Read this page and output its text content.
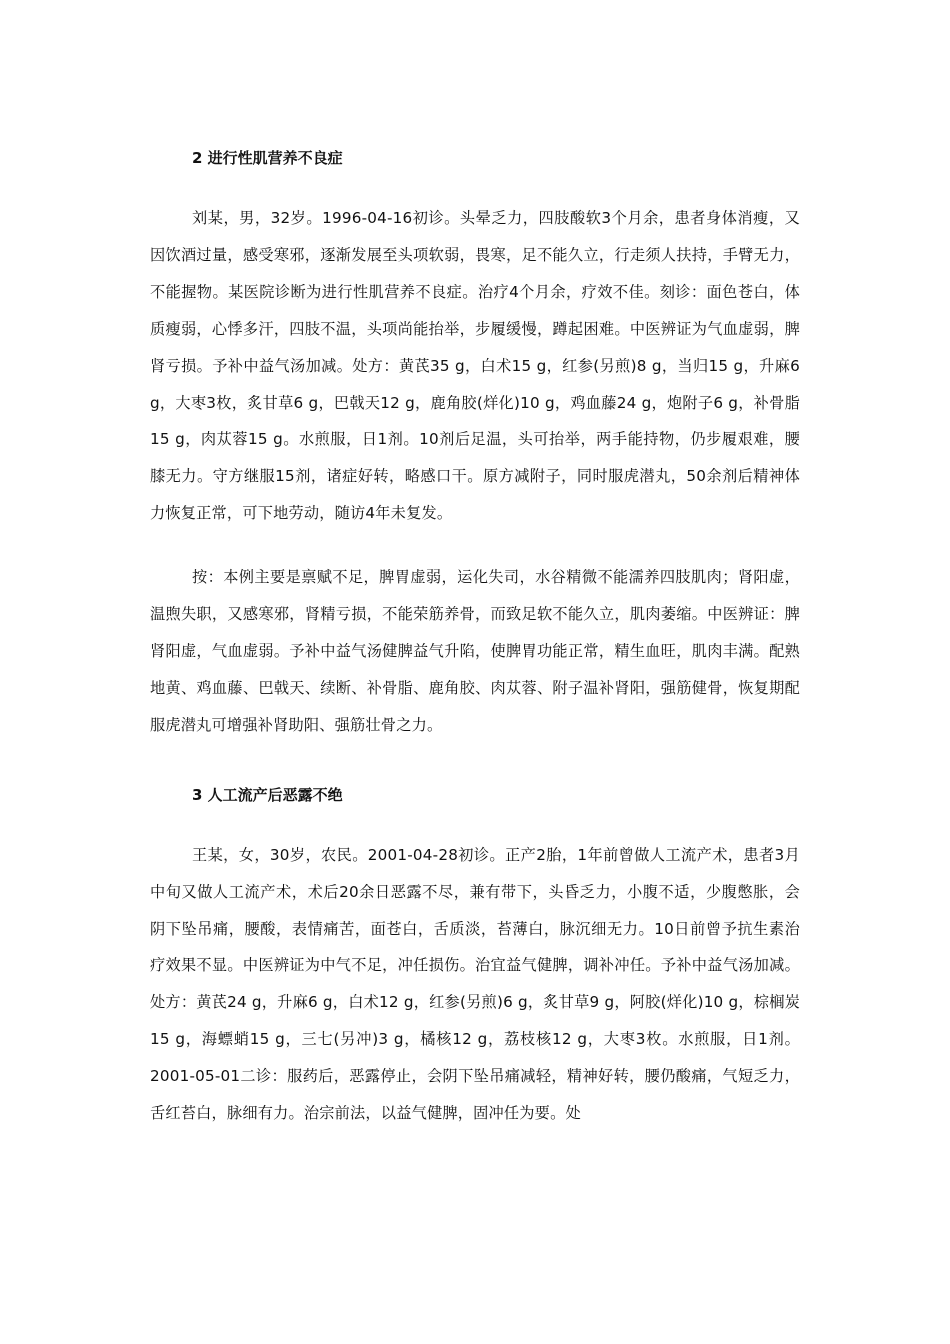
2 进行性肌营养不良症

刘某，男，32岁。1996-04-16初诊。头晕乏力，四肢酸软3个月余，患者身体消瘦，又因饮酒过量，感受寒邪，逐渐发展至头项软弱，畏寒，足不能久立，行走须人扶持，手臂无力，不能握物。某医院诊断为进行性肌营养不良症。治疗4个月余，疗效不佳。刻诊：面色苍白，体质瘦弱，心悸多汗，四肢不温，头项尚能抬举，步履缓慢，蹲起困难。中医辨证为气血虚弱，脾肾亏损。予补中益气汤加减。处方：黄芪35 g，白术15 g，红参(另煎)8 g，当归15 g，升麻6 g，大枣3枚，炙甘草6 g，巴戟天12 g，鹿角胶(烊化)10 g，鸡血藤24 g，炮附子6 g，补骨脂15 g，肉苁蓉15 g。水煎服，日1剂。10剂后足温，头可抬举，两手能持物，仍步履艰难，腰膝无力。守方继服15剂，诸症好转，略感口干。原方减附子，同时服虎潜丸，50余剂后精神体力恢复正常，可下地劳动，随访4年未复发。

按：本例主要是禀赋不足，脾胃虚弱，运化失司，水谷精微不能濡养四肢肌肉；肾阳虚，温煦失职，又感寒邪，肾精亏损，不能荣筋养骨，而致足软不能久立，肌肉萎缩。中医辨证：脾肾阳虚，气血虚弱。予补中益气汤健脾益气升陷，使脾胃功能正常，精生血旺，肌肉丰满。配熟地黄、鸡血藤、巴戟天、续断、补骨脂、鹿角胶、肉苁蓉、附子温补肾阳，强筋健骨，恢复期配服虎潜丸可增强补肾助阳、强筋壮骨之力。

3 人工流产后恶露不绝

王某，女，30岁，农民。2001-04-28初诊。正产2胎，1年前曾做人工流产术，患者3月中旬又做人工流产术，术后20余日恶露不尽，兼有带下，头昏乏力，小腹不适，少腹憋胀，会阴下坠吊痛，腰酸，表情痛苦，面苍白，舌质淡，苔薄白，脉沉细无力。10日前曾予抗生素治疗效果不显。中医辨证为中气不足，冲任损伤。治宜益气健脾，调补冲任。予补中益气汤加减。处方：黄芪24 g，升麻6 g，白术12 g，红参(另煎)6 g，炙甘草9 g，阿胶(烊化)10 g，棕榈炭15 g，海螵蛸15 g，三七(另冲)3 g，橘核12 g，荔枝核12 g，大枣3枚。水煎服，日1剂。2001-05-01二诊：服药后，恶露停止，会阴下坠吊痛减轻，精神好转，腰仍酸痛，气短乏力，舌红苔白，脉细有力。治宗前法，以益气健脾，固冲任为要。处
